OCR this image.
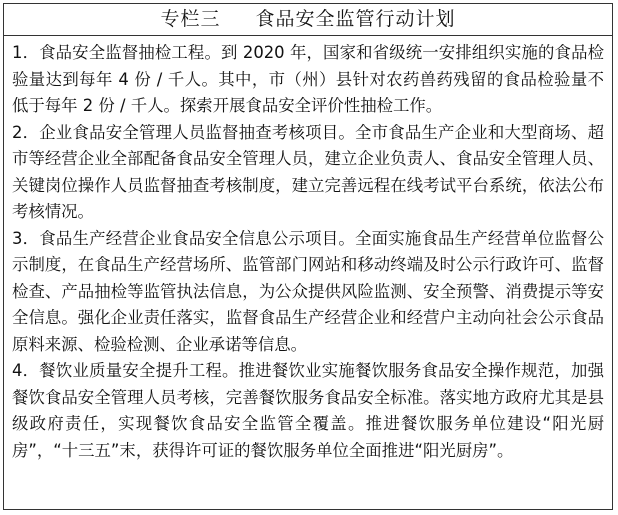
专栏三 食品安全监管行动计划

1．食品安全监督抽检工程。到 2020 年，国家和省级统一安排组织实施的食品检验量达到每年 4 份 / 千人。其中，市（州）县针对农药兽药残留的食品检验量不低于每年 2 份 / 千人。探索开展食品安全评价性抽检工作。

2．企业食品安全管理人员监督抽查考核项目。全市食品生产企业和大型商场、超市等经营企业全部配备食品安全管理人员，建立企业负责人、食品安全管理人员、关键岗位操作人员监督抽查考核制度，建立完善远程在线考试平台系统，依法公布考核情况。

3．食品生产经营企业食品安全信息公示项目。全面实施食品生产经营单位监督公示制度，在食品生产经营场所、监管部门网站和移动终端及时公示行政许可、监督检查、产品抽检等监管执法信息，为公众提供风险监测、安全预警、消费提示等安全信息。强化企业责任落实，监督食品生产经营企业和经营户主动向社会公示食品原料来源、检验检测、企业承诺等信息。

4．餐饮业质量安全提升工程。推进餐饮业实施餐饮服务食品安全操作规范，加强餐饮食品安全管理人员考核，完善餐饮服务食品安全标准。落实地方政府尤其是县级政府责任，实现餐饮食品安全监管全覆盖。推进餐饮服务单位建设“阳光厨房”，“十三五”末，获得许可证的餐饮服务单位全面推进“阳光厨房”。
